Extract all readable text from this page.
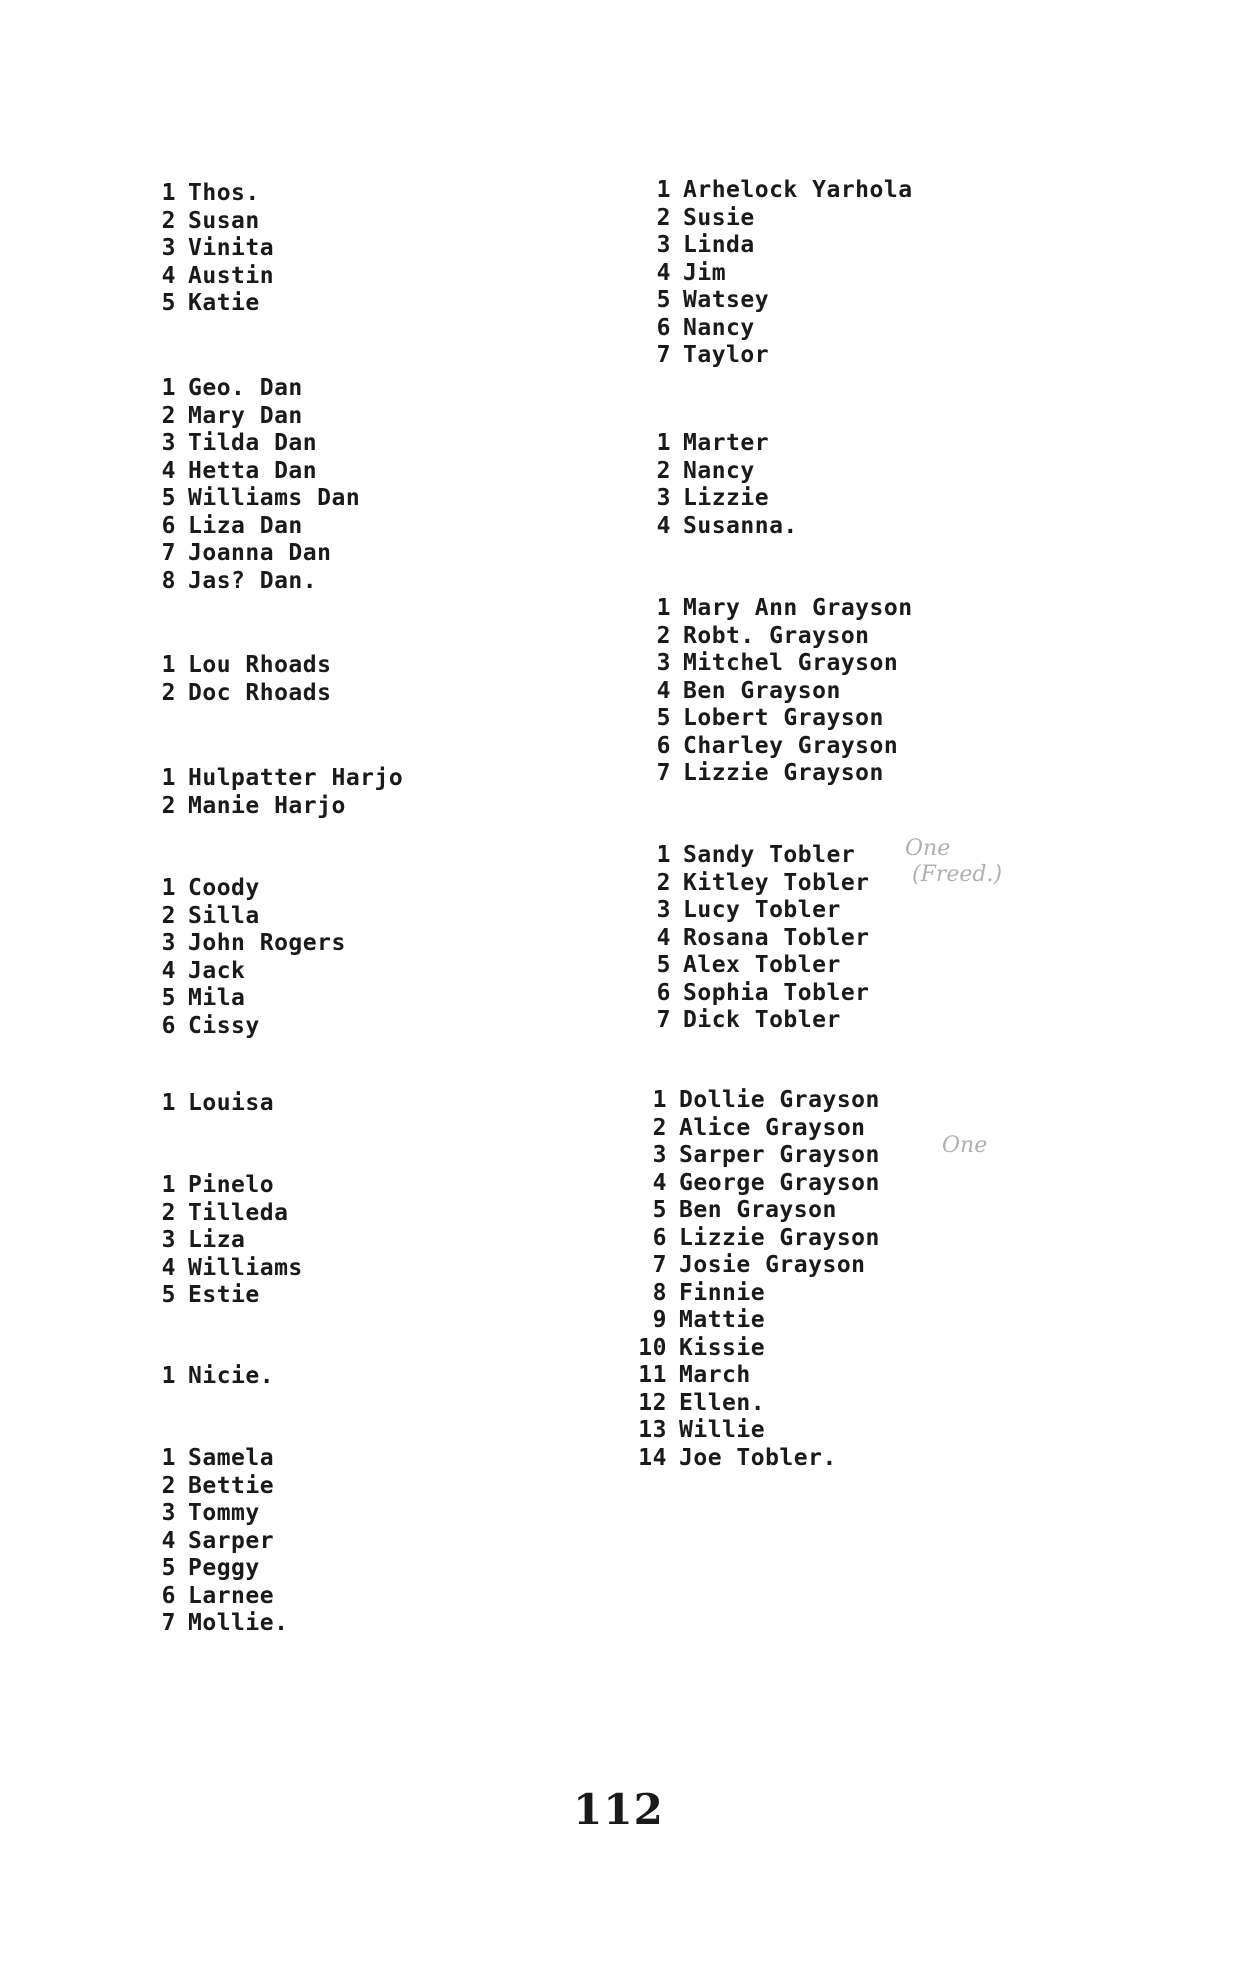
1 Thos.
2 Susan
3 Vinita
4 Austin
5 Katie
1 Geo. Dan
2 Mary Dan
3 Tilda Dan
4 Hetta Dan
5 Williams Dan
6 Liza Dan
7 Joanna Dan
8 Jas? Dan.
1 Lou Rhoads
2 Doc Rhoads
1 Hulpatter Harjo
2 Manie Harjo
1 Coody
2 Silla
3 John Rogers
4 Jack
5 Mila
6 Cissy
1 Louisa
1 Pinelo
2 Tilleda
3 Liza
4 Williams
5 Estie
1 Nicie.
1 Samela
2 Bettie
3 Tommy
4 Sarper
5 Peggy
6 Larnee
7 Mollie.
1 Arhelock Yarhola
2 Susie
3 Linda
4 Jim
5 Watsey
6 Nancy
7 Taylor
1 Marter
2 Nancy
3 Lizzie
4 Susanna.
1 Mary Ann Grayson
2 Robt. Grayson
3 Mitchel Grayson
4 Ben Grayson
5 Lobert Grayson
6 Charley Grayson
7 Lizzie Grayson
1 Sandy Tobler
2 Kitley Tobler
3 Lucy Tobler
4 Rosana Tobler
5 Alex Tobler
6 Sophia Tobler
7 Dick Tobler
1 Dollie Grayson
2 Alice Grayson
3 Sarper Grayson
4 George Grayson
5 Ben Grayson
6 Lizzie Grayson
7 Josie Grayson
8 Finnie
9 Mattie
10 Kissie
11 March
12 Ellen.
13 Willie
14 Joe Tobler.
One
(Freed.)
One
112
